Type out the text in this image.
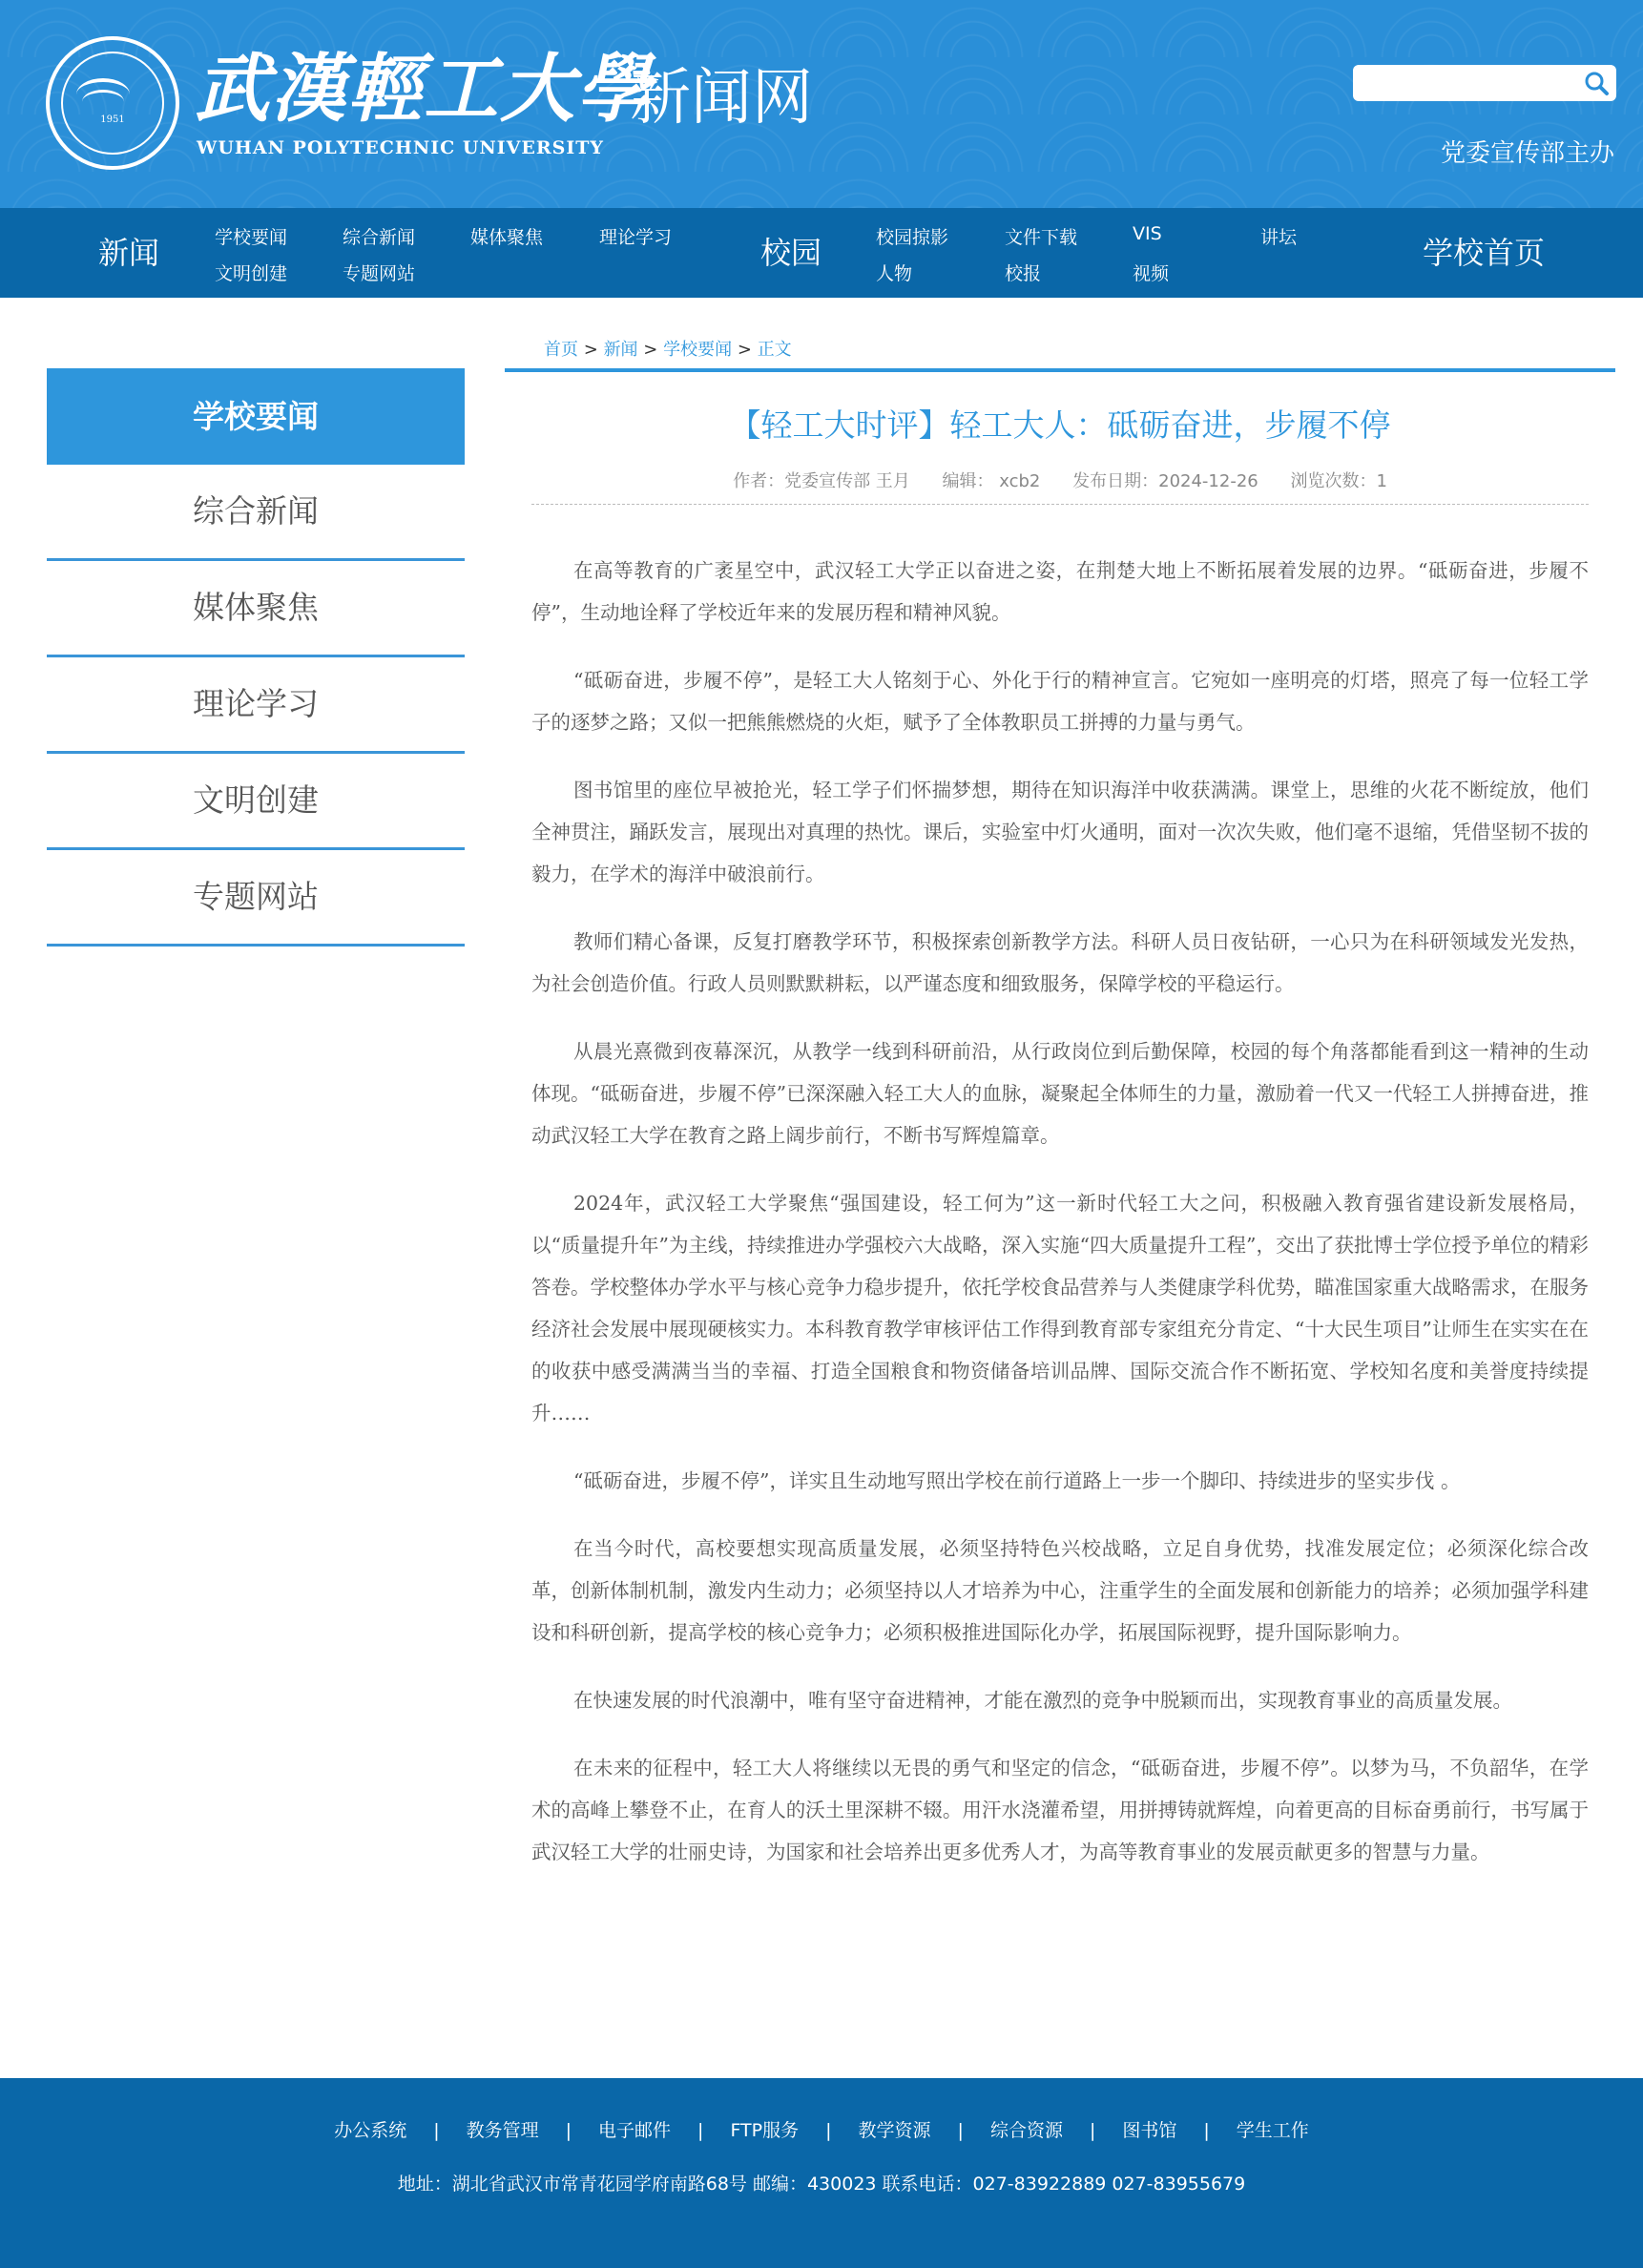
1951 武漢輕工大學
新闻网
WUHAN POLYTECHNIC UNIVERSITY	党委宣传部主办
新闻	学校要闻	综合新闻	媒体聚焦	理论学习
文明创建	专题网站
校园	校园掠影	文件下载	VIS	讲坛
人物	校报	视频
学校首页
学校要闻
综合新闻
媒体聚焦
理论学习
文明创建
专题网站
首页 > 新闻 > 学校要闻 > 正文
【轻工大时评】轻工大人：砥砺奋进，步履不停
作者：党委宣传部 王月 编辑： xcb2 发布日期：2024-12-26 浏览次数：1

在高等教育的广袤星空中，武汉轻工大学正以奋进之姿，在荆楚大地上不断拓展着发展的边界。“砥砺奋进，步履不停”，生动地诠释了学校近年来的发展历程和精神风貌。

“砥砺奋进，步履不停”，是轻工大人铭刻于心、外化于行的精神宣言。它宛如一座明亮的灯塔，照亮了每一位轻工学子的逐梦之路；又似一把熊熊燃烧的火炬，赋予了全体教职员工拼搏的力量与勇气。

图书馆里的座位早被抢光，轻工学子们怀揣梦想，期待在知识海洋中收获满满。课堂上，思维的火花不断绽放，他们全神贯注，踊跃发言，展现出对真理的热忱。课后，实验室中灯火通明，面对一次次失败，他们毫不退缩，凭借坚韧不拔的毅力，在学术的海洋中破浪前行。

教师们精心备课，反复打磨教学环节，积极探索创新教学方法。科研人员日夜钻研，一心只为在科研领域发光发热，为社会创造价值。行政人员则默默耕耘，以严谨态度和细致服务，保障学校的平稳运行。

从晨光熹微到夜幕深沉，从教学一线到科研前沿，从行政岗位到后勤保障，校园的每个角落都能看到这一精神的生动体现。“砥砺奋进，步履不停”已深深融入轻工大人的血脉，凝聚起全体师生的力量，激励着一代又一代轻工人拼搏奋进，推动武汉轻工大学在教育之路上阔步前行，不断书写辉煌篇章。

2024年，武汉轻工大学聚焦“强国建设，轻工何为”这一新时代轻工大之问，积极融入教育强省建设新发展格局，以“质量提升年”为主线，持续推进办学强校六大战略，深入实施“四大质量提升工程”，交出了获批博士学位授予单位的精彩答卷。学校整体办学水平与核心竞争力稳步提升，依托学校食品营养与人类健康学科优势，瞄准国家重大战略需求，在服务经济社会发展中展现硬核实力。本科教育教学审核评估工作得到教育部专家组充分肯定、“十大民生项目”让师生在实实在在的收获中感受满满当当的幸福、打造全国粮食和物资储备培训品牌、国际交流合作不断拓宽、学校知名度和美誉度持续提升……

“砥砺奋进，步履不停”，详实且生动地写照出学校在前行道路上一步一个脚印、持续进步的坚实步伐 。

在当今时代，高校要想实现高质量发展，必须坚持特色兴校战略，立足自身优势，找准发展定位；必须深化综合改革，创新体制机制，激发内生动力；必须坚持以人才培养为中心，注重学生的全面发展和创新能力的培养；必须加强学科建设和科研创新，提高学校的核心竞争力；必须积极推进国际化办学，拓展国际视野，提升国际影响力。

在快速发展的时代浪潮中，唯有坚守奋进精神，才能在激烈的竞争中脱颖而出，实现教育事业的高质量发展。

在未来的征程中，轻工大人将继续以无畏的勇气和坚定的信念，“砥砺奋进，步履不停”。以梦为马，不负韶华，在学术的高峰上攀登不止，在育人的沃土里深耕不辍。用汗水浇灌希望，用拼搏铸就辉煌，向着更高的目标奋勇前行，书写属于武汉轻工大学的壮丽史诗，为国家和社会培养出更多优秀人才，为高等教育事业的发展贡献更多的智慧与力量。

办公系统 | 教务管理 | 电子邮件 | FTP服务 | 教学资源 | 综合资源 | 图书馆 | 学生工作
地址：湖北省武汉市常青花园学府南路68号 邮编：430023 联系电话：027-83922889 027-83955679
